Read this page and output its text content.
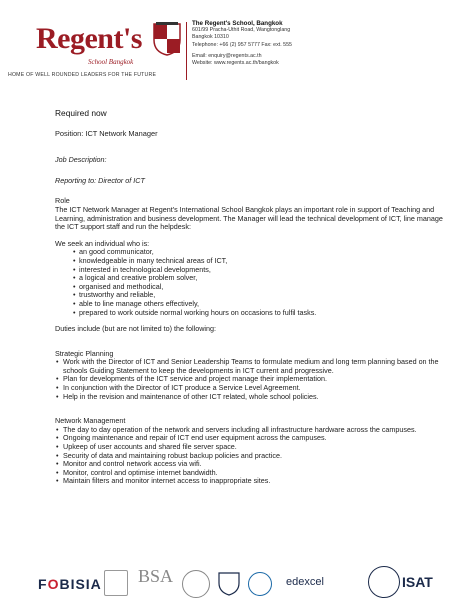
Regent's
School Bangkok
HOME OF WELL ROUNDED LEADERS FOR THE FUTURE
The Regent's School, Bangkok
601/99 Pracha-Uthit Road, Wangtonglang
Bangkok 10310
Telephone: +66 (2) 957 5777 Fax: ext. 555
Email: enquiry@regents.ac.th
Website: www.regents.ac.th/bangkok

Required now

Position: ICT Network Manager

Job Description:

Reporting to: Director of ICT

Role

The ICT Network Manager at Regent's International School Bangkok plays an important role in support of Teaching and Learning, administration and business development. The Manager will lead the technical development of ICT, line manage the ICT support staff and run the helpdesk:

We seek an individual who is:

• an good communicator,
• knowledgeable in many technical areas of ICT,
• interested in technological developments,
• a logical and creative problem solver,
• organised and methodical,
• trustworthy and reliable,
• able to line manage others effectively,
• prepared to work outside normal working hours on occasions to fulfil tasks.

Duties include (but are not limited to) the following:

Strategic Planning

• Work with the Director of ICT and Senior Leadership Teams to formulate medium and long term planning based on the schools Guiding Statement to keep the developments in ICT current and progressive.
• Plan for developments of the ICT service and project manage their implementation.
• In conjunction with the Director of ICT produce a Service Level Agreement.
• Help in the revision and maintenance of other ICT related, whole school policies.

Network Management

• The day to day operation of the network and servers including all infrastructure hardware across the campuses.
• Ongoing maintenance and repair of ICT end user equipment across the campuses.
• Upkeep of user accounts and shared file server space.
• Security of data and maintaining robust backup policies and practice.
• Monitor and control network access via wifi.
• Monitor, control and optimise internet bandwidth.
• Maintain filters and monitor internet access to inappropriate sites.
FOBISIA BSA	edexcel	ISAT
